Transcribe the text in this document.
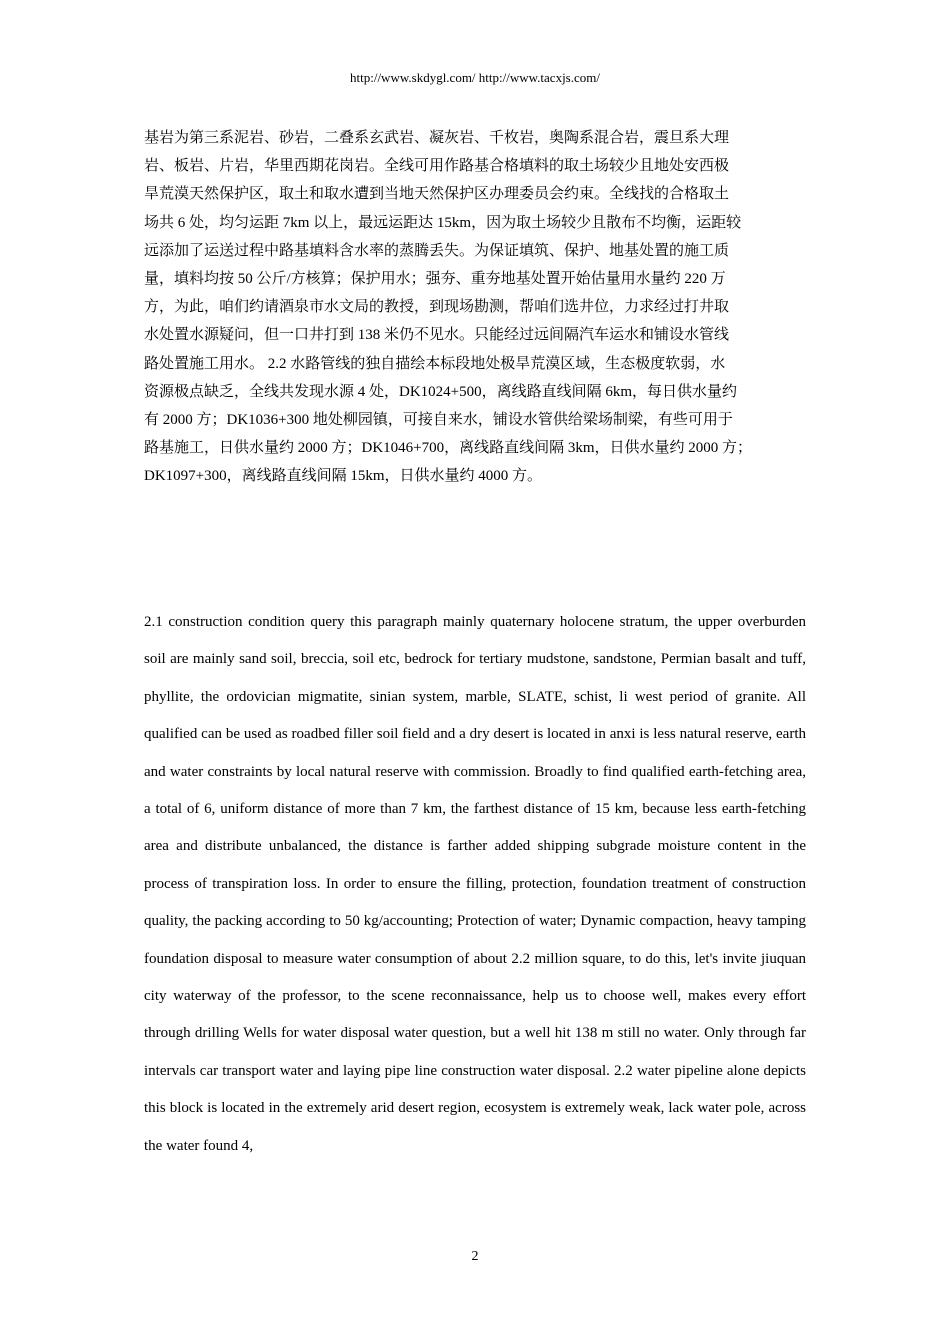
http://www.skdygl.com/ http://www.tacxjs.com/

基岩为第三系泥岩、砂岩，二叠系玄武岩、凝灰岩、千枚岩，奥陶系混合岩，震旦系大理

岩、板岩、片岩，华里西期花岗岩。全线可用作路基合格填料的取土场较少且地处安西极

旱荒漠天然保护区，取土和取水遭到当地天然保护区办理委员会约束。全线找的合格取土

场共 6 处，均匀运距 7km 以上，最远运距达 15km，因为取土场较少且散布不均衡，运距较

远添加了运送过程中路基填料含水率的蒸腾丢失。为保证填筑、保护、地基处置的施工质

量，填料均按 50 公斤/方核算；保护用水；强夯、重夯地基处置开始估量用水量约 220 万

方，为此，咱们约请酒泉市水文局的教授，到现场勘测，帮咱们选井位，力求经过打井取

水处置水源疑问，但一口井打到 138 米仍不见水。只能经过远间隔汽车运水和铺设水管线

路处置施工用水。 2.2 水路管线的独自描绘本标段地处极旱荒漠区域，生态极度软弱，水

资源极点缺乏，全线共发现水源 4 处，DK1024+500，离线路直线间隔 6km，每日供水量约

有 2000 方；DK1036+300 地处柳园镇，可接自来水，铺设水管供给梁场制梁，有些可用于

路基施工，日供水量约 2000 方；DK1046+700，离线路直线间隔 3km，日供水量约 2000 方；

DK1097+300，离线路直线间隔 15km，日供水量约 4000 方。

2.1 construction condition query this paragraph mainly quaternary holocene stratum, the upper overburden soil are mainly sand soil, breccia, soil etc, bedrock for tertiary mudstone, sandstone, Permian basalt and tuff, phyllite, the ordovician migmatite, sinian system, marble, SLATE, schist, li west period of granite. All qualified can be used as roadbed filler soil field and a dry desert is located in anxi is less natural reserve, earth and water constraints by local natural reserve with commission. Broadly to find qualified earth-fetching area, a total of 6, uniform distance of more than 7 km, the farthest distance of 15 km, because less earth-fetching area and distribute unbalanced, the distance is farther added shipping subgrade moisture content in the process of transpiration loss. In order to ensure the filling, protection, foundation treatment of construction quality, the packing according to 50 kg/accounting; Protection of water; Dynamic compaction, heavy tamping foundation disposal to measure water consumption of about 2.2 million square, to do this, let's invite jiuquan city waterway of the professor, to the scene reconnaissance, help us to choose well, makes every effort through drilling Wells for water disposal water question, but a well hit 138 m still no water. Only through far intervals car transport water and laying pipe line construction water disposal. 2.2 water pipeline alone depicts this block is located in the extremely arid desert region, ecosystem is extremely weak, lack water pole, across the water found 4,

2
